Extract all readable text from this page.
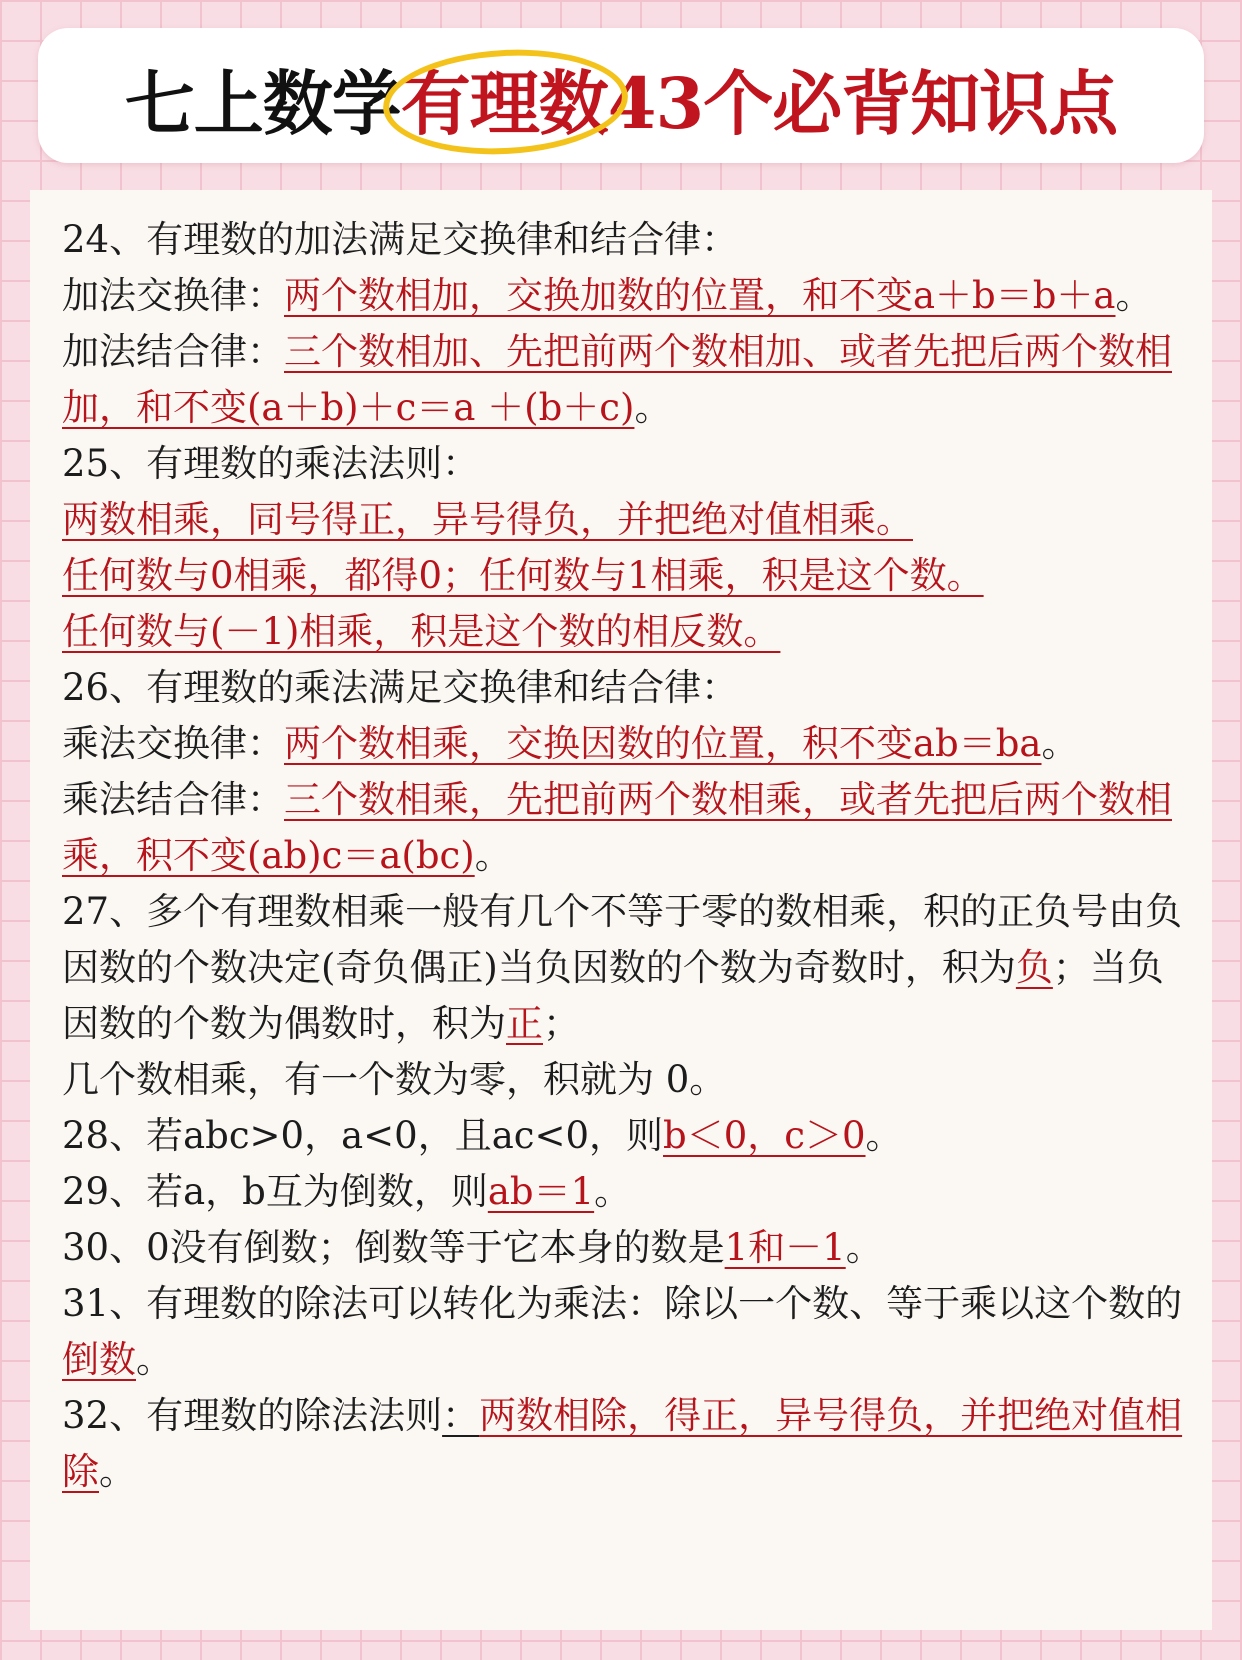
七上数学有理数
43个必背知识点

24、有理数的加法满足交换律和结合律：

加法交换律：两个数相加，交换加数的位置，和不变a＋b＝b＋a。

加法结合律：三个数相加、先把前两个数相加、或者先把后两个数相加，和不变(a＋b)＋c＝a ＋(b＋c)。

25、有理数的乘法法则：

两数相乘，同号得正，异号得负，并把绝对值相乘。

任何数与0相乘，都得0；任何数与1相乘，积是这个数。

任何数与(－1)相乘，积是这个数的相反数。

26、有理数的乘法满足交换律和结合律：

乘法交换律：两个数相乘，交换因数的位置，积不变ab＝ba。

乘法结合律：三个数相乘，先把前两个数相乘，或者先把后两个数相乘，积不变(ab)c＝a(bc)。

27、多个有理数相乘一般有几个不等于零的数相乘，积的正负号由负因数的个数决定(奇负偶正)当负因数的个数为奇数时，积为负；当负因数的个数为偶数时，积为正；

几个数相乘，有一个数为零，积就为 0。

28、若abc>0，a<0，且ac<0，则b＜0，c＞0。

29、若a，b互为倒数，则ab＝1。

30、0没有倒数；倒数等于它本身的数是1和－1。

31、有理数的除法可以转化为乘法：除以一个数、等于乘以这个数的倒数。

32、有理数的除法法则：两数相除，得正，异号得负，并把绝对值相除。
